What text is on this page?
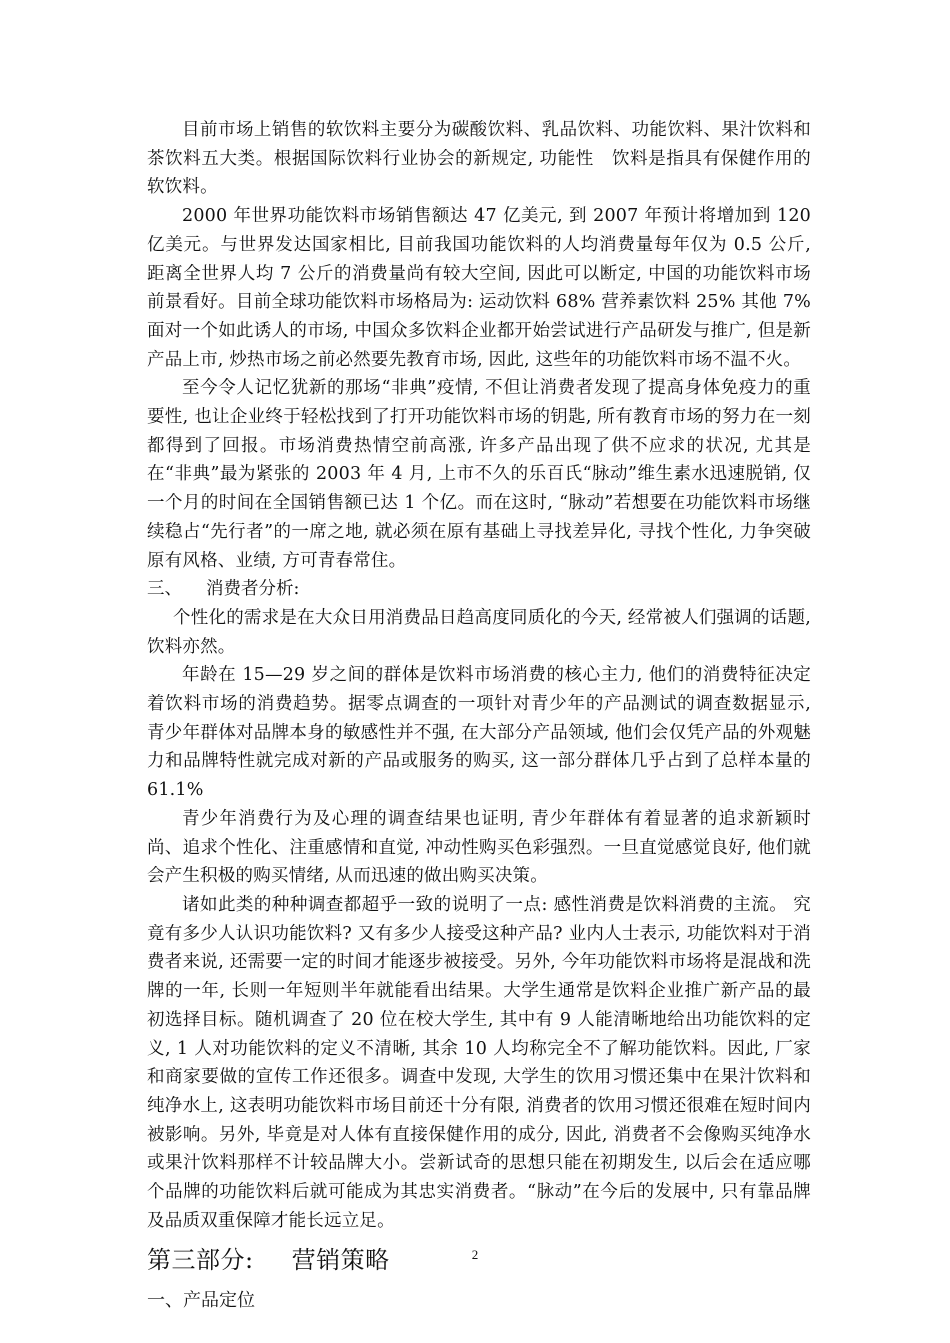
目前市场上销售的软饮料主要分为碳酸饮料、乳品饮料、功能饮料、果汁饮料和茶饮料五大类。根据国际饮料行业协会的新规定, 功能性　饮料是指具有保健作用的软饮料。

2000 年世界功能饮料市场销售额达 47 亿美元, 到 2007 年预计将增加到 120 亿美元。与世界发达国家相比, 目前我国功能饮料的人均消费量每年仅为 0.5 公斤, 距离全世界人均 7 公斤的消费量尚有较大空间, 因此可以断定, 中国的功能饮料市场前景看好。目前全球功能饮料市场格局为: 运动饮料 68% 营养素饮料 25% 其他 7% 面对一个如此诱人的市场, 中国众多饮料企业都开始尝试进行产品研发与推广, 但是新产品上市, 炒热市场之前必然要先教育市场, 因此, 这些年的功能饮料市场不温不火。

至今令人记忆犹新的那场“非典”疫情, 不但让消费者发现了提高身体免疫力的重要性, 也让企业终于轻松找到了打开功能饮料市场的钥匙, 所有教育市场的努力在一刻都得到了回报。市场消费热情空前高涨, 许多产品出现了供不应求的状况, 尤其是在“非典”最为紧张的 2003 年 4 月, 上市不久的乐百氏“脉动”维生素水迅速脱销, 仅一个月的时间在全国销售额已达 1 个亿。而在这时, “脉动”若想要在功能饮料市场继续稳占“先行者”的一席之地, 就必须在原有基础上寻找差异化, 寻找个性化, 力争突破原有风格、业绩, 方可青春常住。

三、 消费者分析:

个性化的需求是在大众日用消费品日趋高度同质化的今天, 经常被人们强调的话题, 饮料亦然。

年龄在 15—29 岁之间的群体是饮料市场消费的核心主力, 他们的消费特征决定着饮料市场的消费趋势。据零点调查的一项针对青少年的产品测试的调查数据显示, 青少年群体对品牌本身的敏感性并不强, 在大部分产品领域, 他们会仅凭产品的外观魅力和品牌特性就完成对新的产品或服务的购买, 这一部分群体几乎占到了总样本量的 61.1%

青少年消费行为及心理的调查结果也证明, 青少年群体有着显著的追求新颖时尚、追求个性化、注重感情和直觉, 冲动性购买色彩强烈。一旦直觉感觉良好, 他们就会产生积极的购买情绪, 从而迅速的做出购买决策。

诸如此类的种种调查都超乎一致的说明了一点: 感性消费是饮料消费的主流。 究竟有多少人认识功能饮料? 又有多少人接受这种产品? 业内人士表示, 功能饮料对于消费者来说, 还需要一定的时间才能逐步被接受。另外, 今年功能饮料市场将是混战和洗牌的一年, 长则一年短则半年就能看出结果。大学生通常是饮料企业推广新产品的最初选择目标。随机调查了 20 位在校大学生, 其中有 9 人能清晰地给出功能饮料的定义, 1 人对功能饮料的定义不清晰, 其余 10 人均称完全不了解功能饮料。因此, 厂家和商家要做的宣传工作还很多。调查中发现, 大学生的饮用习惯还集中在果汁饮料和纯净水上, 这表明功能饮料市场目前还十分有限, 消费者的饮用习惯还很难在短时间内被影响。另外, 毕竟是对人体有直接保健作用的成分, 因此, 消费者不会像购买纯净水或果汁饮料那样不计较品牌大小。尝新试奇的思想只能在初期发生, 以后会在适应哪个品牌的功能饮料后就可能成为其忠实消费者。“脉动”在今后的发展中, 只有靠品牌及品质双重保障才能长远立足。

第三部分: 营销策略
一、产品定位
2
